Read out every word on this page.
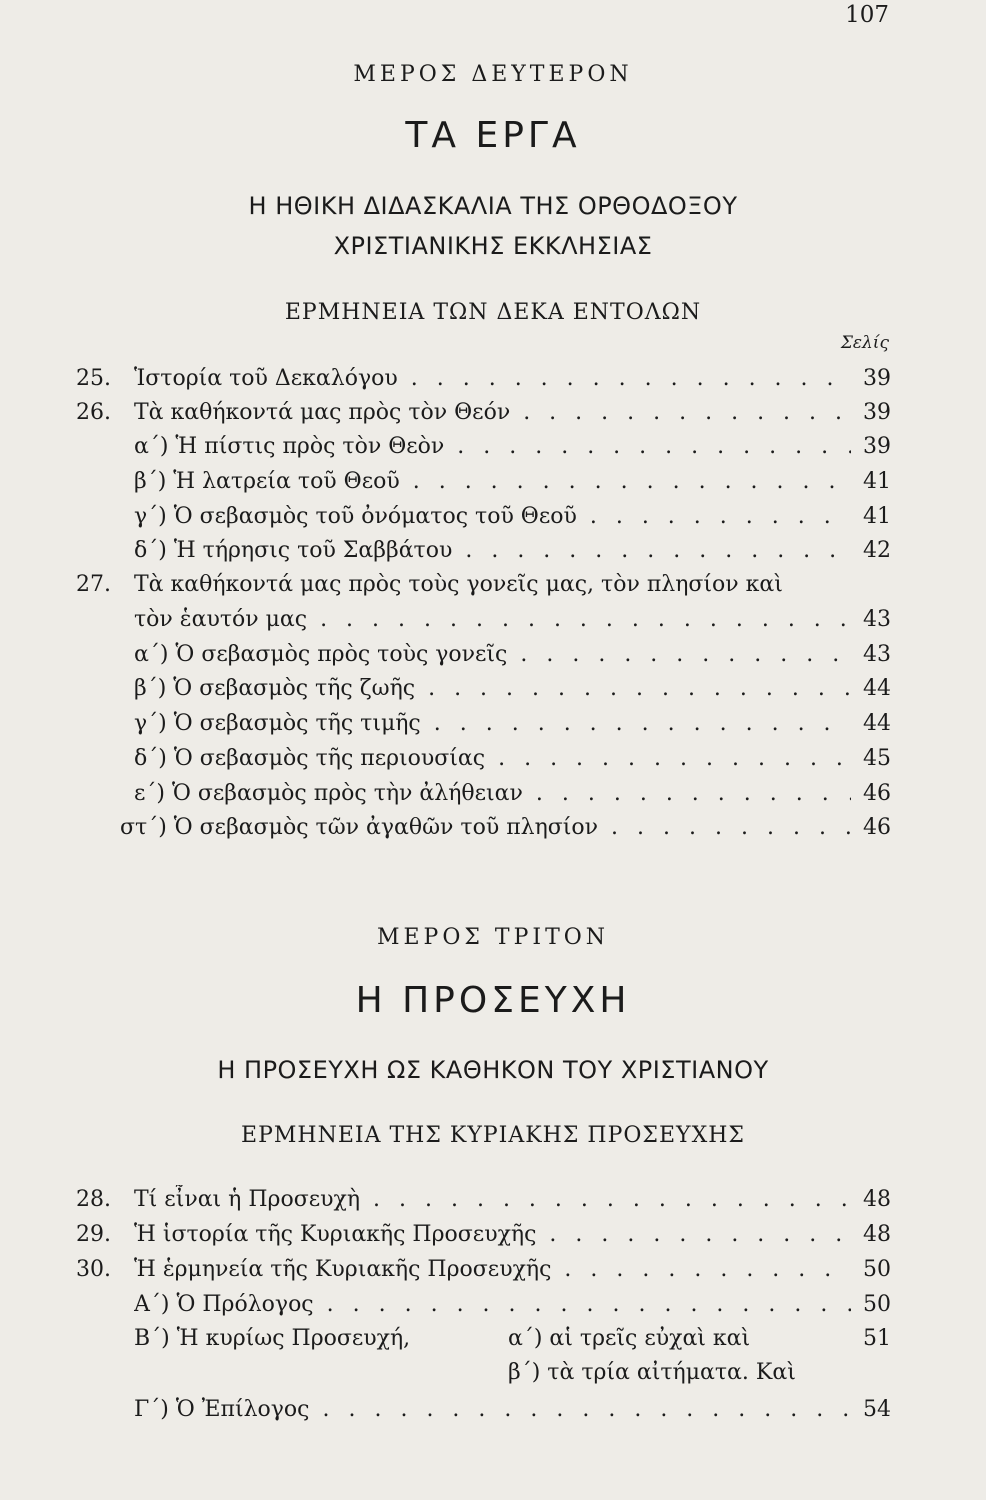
107
ΜΕΡΟΣ ΔΕΥΤΕΡΟΝ
ΤΑ ΕΡΓΑ
Η ΗΘΙΚΗ ΔΙΔΑΣΚΑΛΙΑ ΤΗΣ ΟΡΘΟΔΟΞΟΥ
ΧΡΙΣΤΙΑΝΙΚΗΣ ΕΚΚΛΗΣΙΑΣ
ΕΡΜΗΝΕΙΑ ΤΩΝ ΔΕΚΑ ΕΝΤΟΛΩΝ
Σελίς
25. Ἱστορία τοῦ Δεκαλόγου . . .	39
26. Τὰ καθήκοντά μας πρὸς τὸν Θεόν . . .	39
α΄) Ἡ πίστις πρὸς τὸν Θεὸν . . .	39
β΄) Ἡ λατρεία τοῦ Θεοῦ . . .	41
γ΄) Ὁ σεβασμὸς τοῦ ὀνόματος τοῦ Θεοῦ . . .	41
δ΄) Ἡ τήρησις τοῦ Σαββάτου . . .	42
27. Τὰ καθήκοντά μας πρὸς τοὺς γονεῖς μας, τὸν πλησίον καὶ
τὸν ἑαυτόν μας . . .	43
α΄) Ὁ σεβασμὸς πρὸς τοὺς γονεῖς . . .	43
β΄) Ὁ σεβασμὸς τῆς ζωῆς . . .	44
γ΄) Ὁ σεβασμὸς τῆς τιμῆς . . .	44
δ΄) Ὁ σεβασμὸς τῆς περιουσίας . . .	45
ε΄) Ὁ σεβασμὸς πρὸς τὴν ἀλήθειαν . . .	46
στ΄) Ὁ σεβασμὸς τῶν ἀγαθῶν τοῦ πλησίον . . .	46
ΜΕΡΟΣ ΤΡΙΤΟΝ
Η ΠΡΟΣΕΥΧΗ
Η ΠΡΟΣΕΥΧΗ ΩΣ ΚΑΘΗΚΟΝ ΤΟΥ ΧΡΙΣΤΙΑΝΟΥ
ΕΡΜΗΝΕΙΑ ΤΗΣ ΚΥΡΙΑΚΗΣ ΠΡΟΣΕΥΧΗΣ
28. Τί εἶναι ἡ Προσευχὴ . . .	48
29. Ἡ ἱστορία τῆς Κυριακῆς Προσευχῆς . . .	48
30. Ἡ ἑρμηνεία τῆς Κυριακῆς Προσευχῆς . . .	50
Α΄) Ὁ Πρόλογος . . .	50
Β΄) Ἡ κυρίως Προσευχή,	α΄) αἱ τρεῖς εὐχαὶ καὶ	51
β΄) τὰ τρία αἰτήματα. Καὶ
Γ΄) Ὁ Ἐπίλογος . . .	54
